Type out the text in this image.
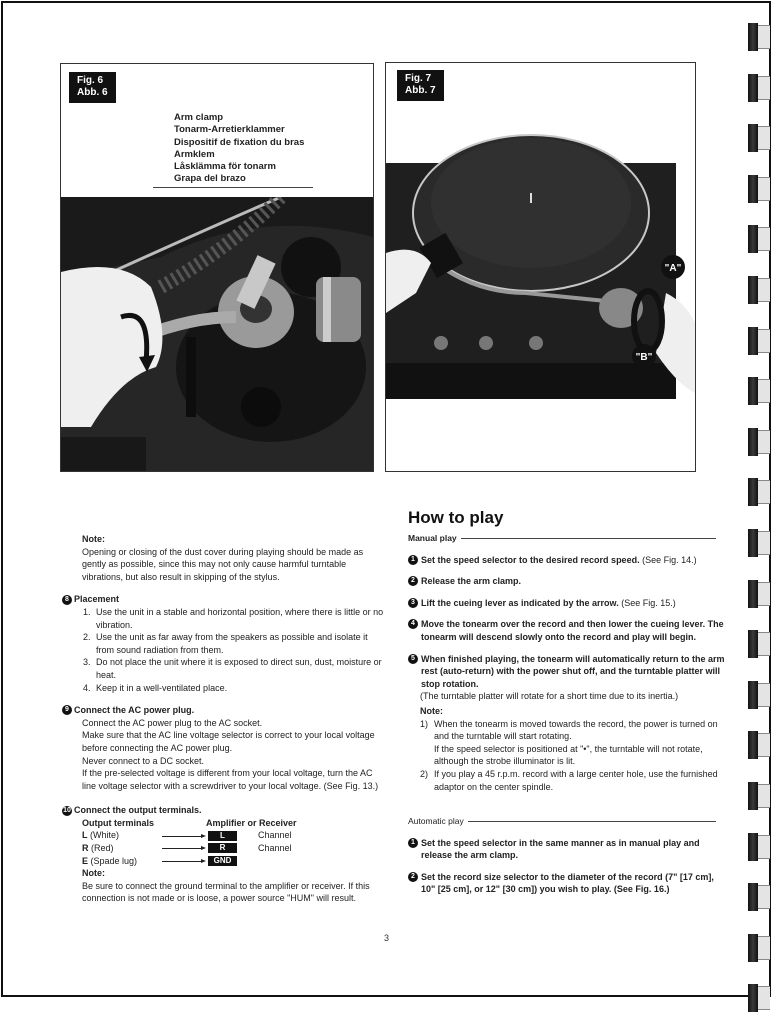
Fig. 6
Abb. 6
Arm clamp
Tonarm-Arretierklammer
Dispositif de fixation du bras
Armklem
Låsklämma för tonarm
Grapa del brazo
"A"
"B"
Fig. 7
Abb. 7
Note:
Opening or closing of the dust cover during playing should be made as gently as possible, since this may not only cause harmful turntable vibrations, but also result in skipping of the stylus.
8 Placement
1. Use the unit in a stable and horizontal position, where there is little or no vibration.
2. Use the unit as far away from the speakers as possible and isolate it from sound radiation from them.
3. Do not place the unit where it is exposed to direct sun, dust, moisture or heat.
4. Keep it in a well-ventilated place.
9 Connect the AC power plug.
Connect the AC power plug to the AC socket.
Make sure that the AC line voltage selector is correct to your local voltage before connecting the AC power plug.
Never connect to a DC socket.
If the pre-selected voltage is different from your local voltage, turn the AC line voltage selector with a screwdriver to your local voltage. (See Fig. 13.)
10 Connect the output terminals.
Output terminals	Amplifier or Receiver
L (White)	L	Channel
R (Red)	R	Channel
E (Spade lug)	GND
Note:
Be sure to connect the ground terminal to the amplifier or receiver. If this connection is not made or is loose, a power source "HUM" will result.
How to play
Manual play
1 Set the speed selector to the desired record speed. (See Fig. 14.)
2 Release the arm clamp.
3 Lift the cueing lever as indicated by the arrow. (See Fig. 15.)
4 Move the tonearm over the record and then lower the cueing lever. The tonearm will descend slowly onto the record and play will begin.
5 When finished playing, the tonearm will automatically return to the arm rest (auto-return) with the power shut off, and the turntable platter will stop rotation.
(The turntable platter will rotate for a short time due to its inertia.)
Note:
1) When the tonearm is moved towards the record, the power is turned on and the turntable will start rotating.
If the speed selector is positioned at "•", the turntable will not rotate, although the strobe illuminator is lit.
2) If you play a 45 r.p.m. record with a large center hole, use the furnished adaptor on the center spindle.
Automatic play
1 Set the speed selector in the same manner as in manual play and release the arm clamp.
2 Set the record size selector to the diameter of the record (7" [17 cm], 10" [25 cm], or 12" [30 cm]) you wish to play. (See Fig. 16.)
3
